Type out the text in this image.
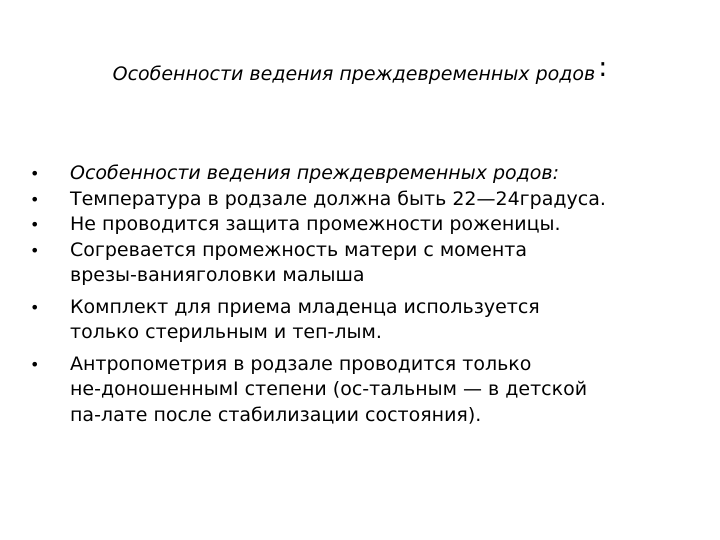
Особенности ведения преждевременных родов :
• Особенности ведения преждевременных родов:
• Температура в родзале должна быть 22—24градуса.
• Не проводится защита промежности роженицы.
• Согревается промежность матери с момента
врезы-ванияголовки малыша
• Комплект для приема младенца используется
только стерильным и теп-лым.
• Антропометрия в родзале проводится только
не-доношеннымI степени (ос-тальным — в детской
па-лате после стабилизации состояния).
